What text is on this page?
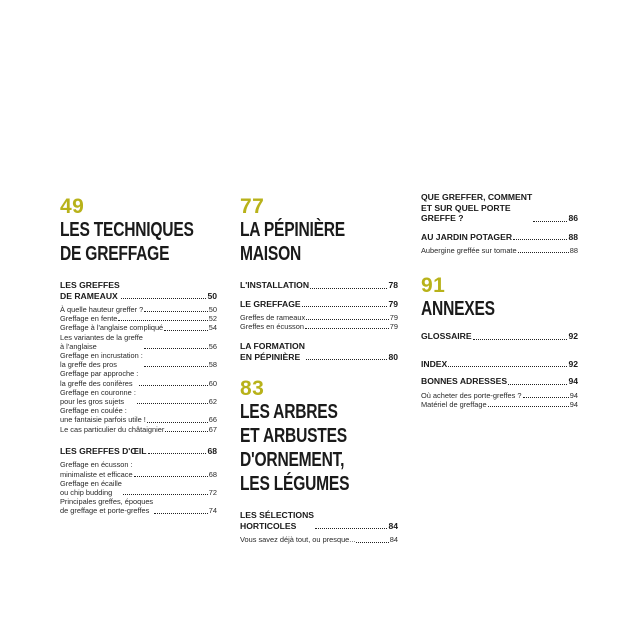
49
LES TECHNIQUES
DE GREFFAGE
LES GREFFES
DE RAMEAUX	50
À quelle hauteur greffer ?	50
Greffage en fente	52
Greffage à l'anglaise compliqué	54
Les variantes de la greffe
à l'anglaise	56
Greffage en incrustation :
la greffe des pros	58
Greffage par approche :
la greffe des conifères	60
Greffage en couronne :
pour les gros sujets	62
Greffage en coulée :
une fantaisie parfois utile !	66
Le cas particulier du châtaignier	67
LES GREFFES D'ŒIL	68
Greffage en écusson :
minimaliste et efficace	68
Greffage en écaille
ou chip budding	72
Principales greffes, époques
de greffage et porte-greffes	74
77
LA PÉPINIÈRE
MAISON
L'INSTALLATION	78
LE GREFFAGE	79
Greffes de rameaux	79
Greffes en écusson	79
LA FORMATION
EN PÉPINIÈRE	80
83
LES ARBRES
ET ARBUSTES
D'ORNEMENT,
LES LÉGUMES
LES SÉLECTIONS
HORTICOLES	84
Vous savez déjà tout, ou presque...	84
QUE GREFFER, COMMENT
ET SUR QUEL PORTE
GREFFE ?	86
AU JARDIN POTAGER	88
Aubergine greffée sur tomate	88
91
ANNEXES
GLOSSAIRE	92
INDEX	92
BONNES ADRESSES	94
Où acheter des porte-greffes ?	94
Matériel de greffage	94
